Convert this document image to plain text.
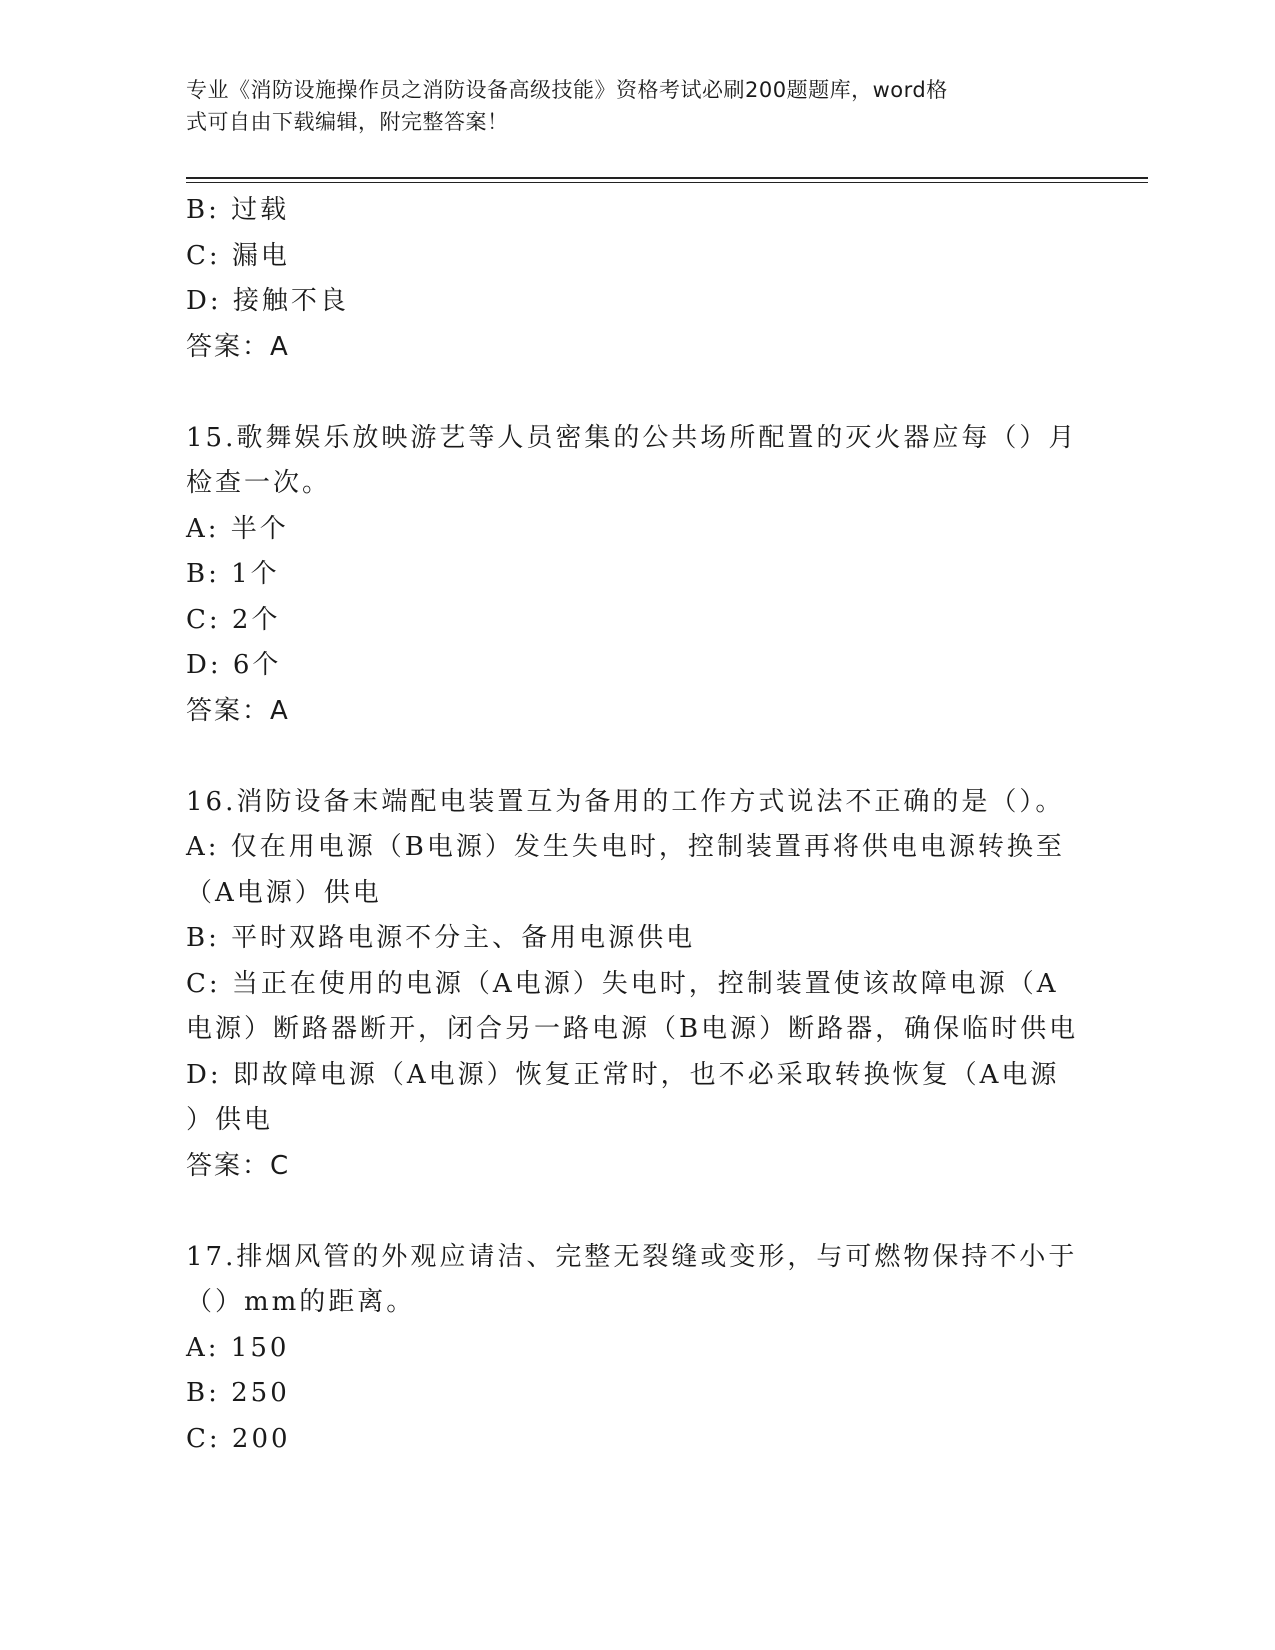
专业《消防设施操作员之消防设备高级技能》资格考试必刷200题题库，word格
式可自由下载编辑，附完整答案！
B: 过载
C: 漏电
D: 接触不良
答案：A
15.歌舞娱乐放映游艺等人员密集的公共场所配置的灭火器应每（）月
检查一次。
A: 半个
B: 1个
C: 2个
D: 6个
答案：A
16.消防设备末端配电装置互为备用的工作方式说法不正确的是（）。
A: 仅在用电源（B电源）发生失电时，控制装置再将供电电源转换至
（A电源）供电
B: 平时双路电源不分主、备用电源供电
C: 当正在使用的电源（A电源）失电时，控制装置使该故障电源（A
电源）断路器断开，闭合另一路电源（B电源）断路器，确保临时供电
D: 即故障电源（A电源）恢复正常时，也不必采取转换恢复（A电源
）供电
答案：C
17.排烟风管的外观应请洁、完整无裂缝或变形，与可燃物保持不小于
（）mm的距离。
A: 150
B: 250
C: 200
